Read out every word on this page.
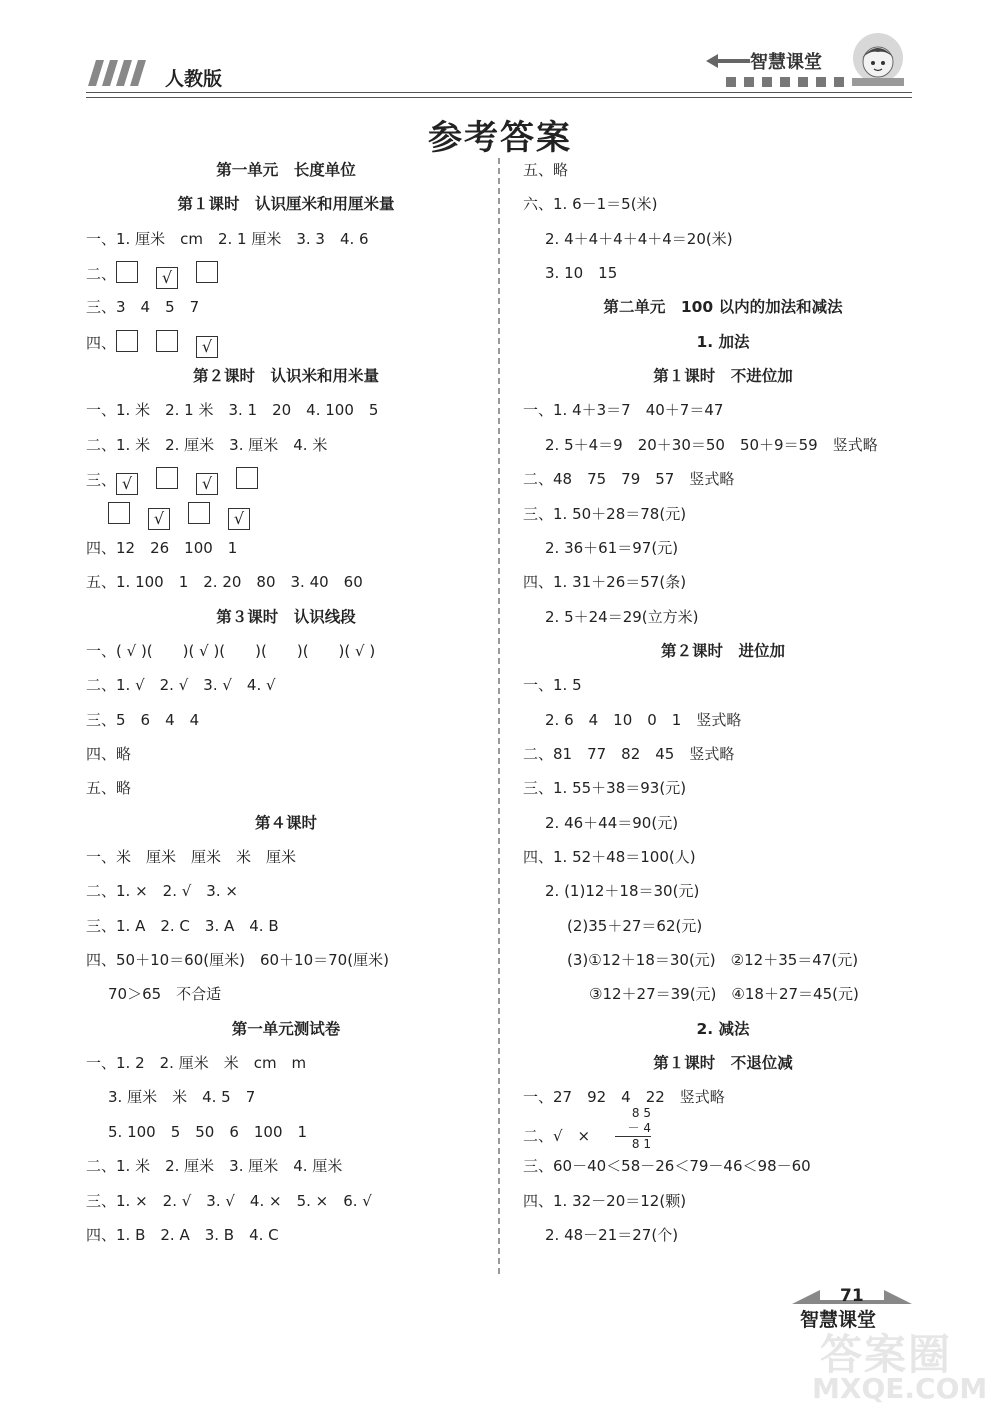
人教版
智慧课堂
参考答案
第一单元　长度单位
第１课时　认识厘米和用厘米量
一、1. 厘米　cm　2. 1 厘米　3. 3　4. 6
二、	√
三、3　4　5　7
四、	√
第２课时　认识米和用米量
一、1. 米　2. 1 米　3. 1　20　4. 100　5
二、1. 米　2. 厘米　3. 厘米　4. 米
三、 √	√
√	√
四、12　26　100　1
五、1. 100　1　2. 20　80　3. 40　60
第３课时　认识线段
一、( √ )(　　)( √ )(　　)(　　)(　　)( √ )
二、1. √　2. √　3. √　4. √
三、5　6　4　4
四、略
五、略
第４课时
一、米　厘米　厘米　米　厘米
二、1. ×　2. √　3. ×
三、1. A　2. C　3. A　4. B
四、50＋10＝60(厘米)　60＋10＝70(厘米)
70＞65　不合适
第一单元测试卷
一、1. 2　2. 厘米　米　cm　m
3. 厘米　米　4. 5　7
5. 100　5　50　6　100　1
二、1. 米　2. 厘米　3. 厘米　4. 厘米
三、1. ×　2. √　3. √　4. ×　5. ×　6. √
四、1. B　2. A　3. B　4. C
五、略
六、1. 6－1＝5(米)
2. 4＋4＋4＋4＋4＝20(米)
3. 10　15
第二单元　100 以内的加法和减法
1. 加法
第１课时　不进位加
一、1. 4＋3＝7　40＋7＝47
2. 5＋4＝9　20＋30＝50　50＋9＝59　竖式略
二、48　75　79　57　竖式略
三、1. 50＋28＝78(元)
2. 36＋61＝97(元)
四、1. 31＋26＝57(条)
2. 5＋24＝29(立方米)
第２课时　进位加
一、1. 5
2. 6　4　10　0　1　竖式略
二、81　77　82　45　竖式略
三、1. 55＋38＝93(元)
2. 46＋44＝90(元)
四、1. 52＋48＝100(人)
2. (1)12＋18＝30(元)
(2)35＋27＝62(元)
(3)①12＋18＝30(元)　②12＋35＝47(元)
③12＋27＝39(元)　④18＋27＝45(元)
2. 减法
第１课时　不退位减
一、27　92　4　22　竖式略
二、√　×
8 5
－ 4
8 1
三、60－40＜58－26＜79－46＜98－60
四、1. 32－20＝12(颗)
2. 48－21＝27(个)
71
智慧课堂
答案圈
MXQE.COM
